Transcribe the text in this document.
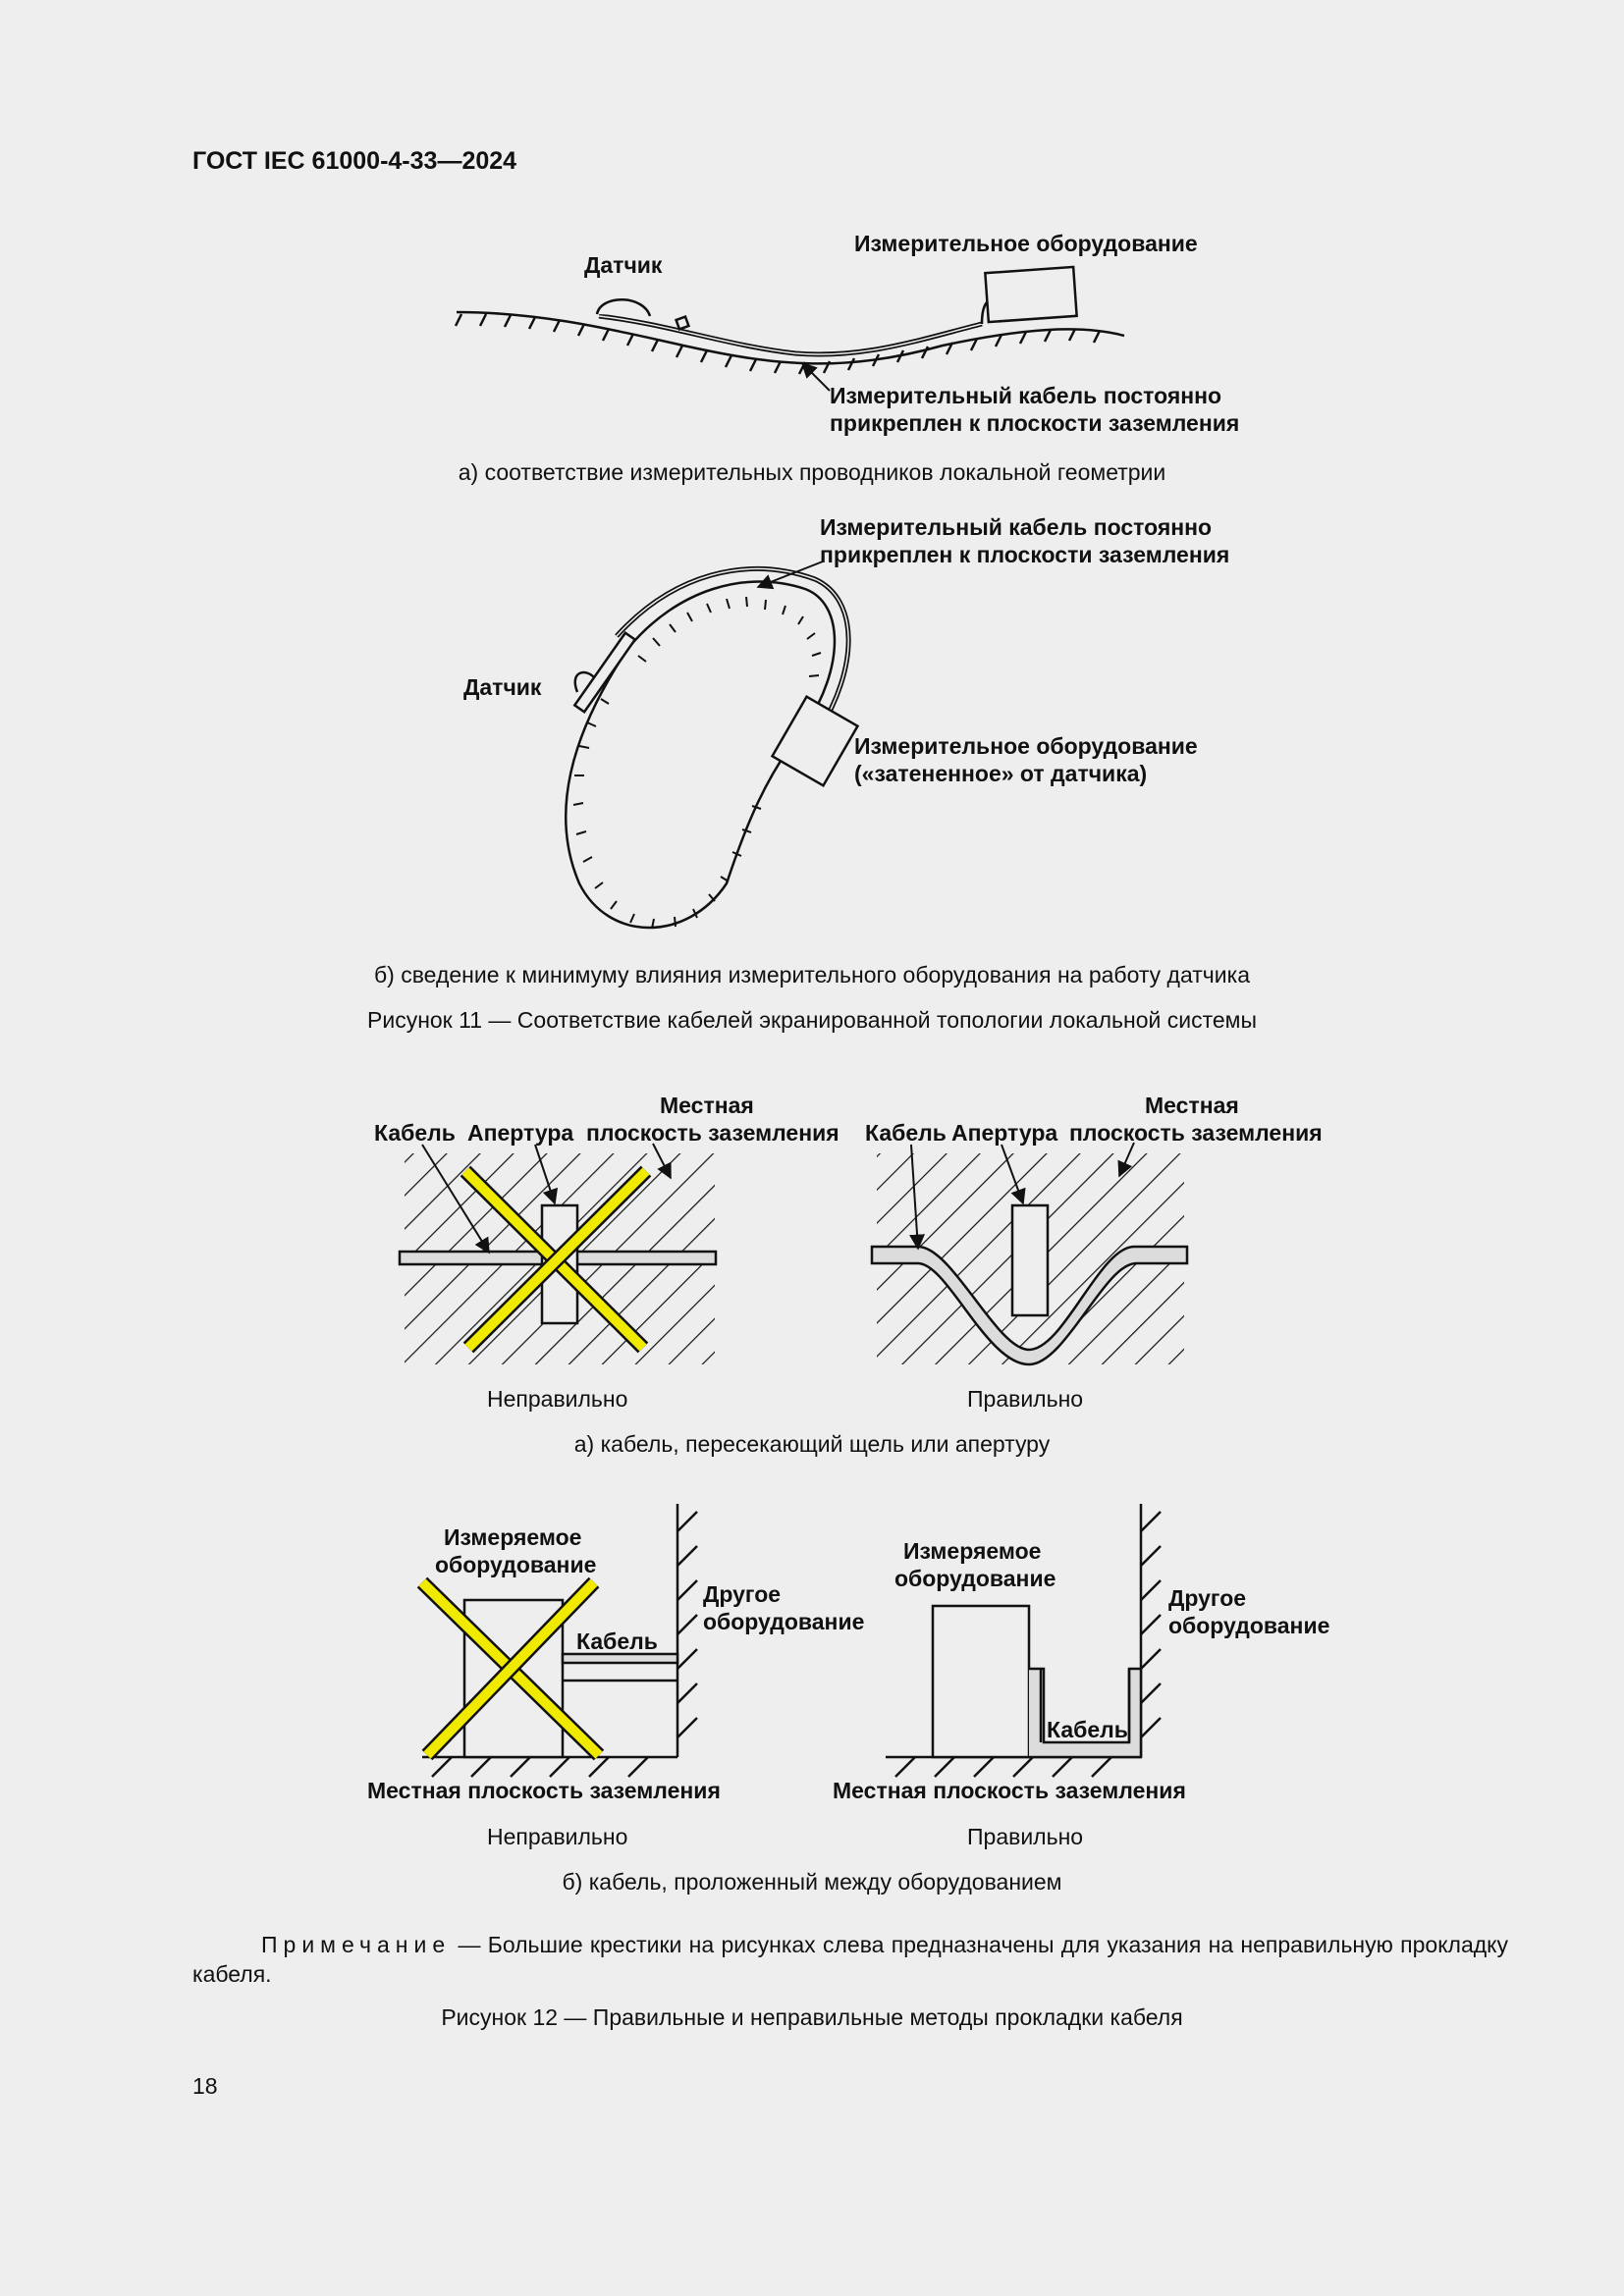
ГОСТ IEC 61000-4-33—2024
Датчик
Измерительное оборудование
Измерительный кабель постоянно
прикреплен к плоскости заземления
а) соответствие измерительных проводников локальной геометрии
Измерительный кабель постоянно
прикреплен к плоскости заземления
Датчик
Измерительное оборудование
(«затененное» от датчика)
б) сведение к минимуму влияния измерительного оборудования на работу датчика
Рисунок 11 — Соответствие кабелей экранированной топологии локальной системы
Местная
Кабель Апертура плоскость заземления
Неправильно
Местная
Кабель Апертура плоскость заземления
Правильно
а) кабель, пересекающий щель или апертуру
Измеряемое
оборудование
Другое
оборудование
Кабель
Местная плоскость заземления
Неправильно
Измеряемое
оборудование
Другое
оборудование
Кабель
Местная плоскость заземления
Правильно
б) кабель, проложенный между оборудованием
Примечание — Большие крестики на рисунках слева предназначены для указания на неправильную прокладку кабеля.
Рисунок 12 — Правильные и неправильные методы прокладки кабеля
18
